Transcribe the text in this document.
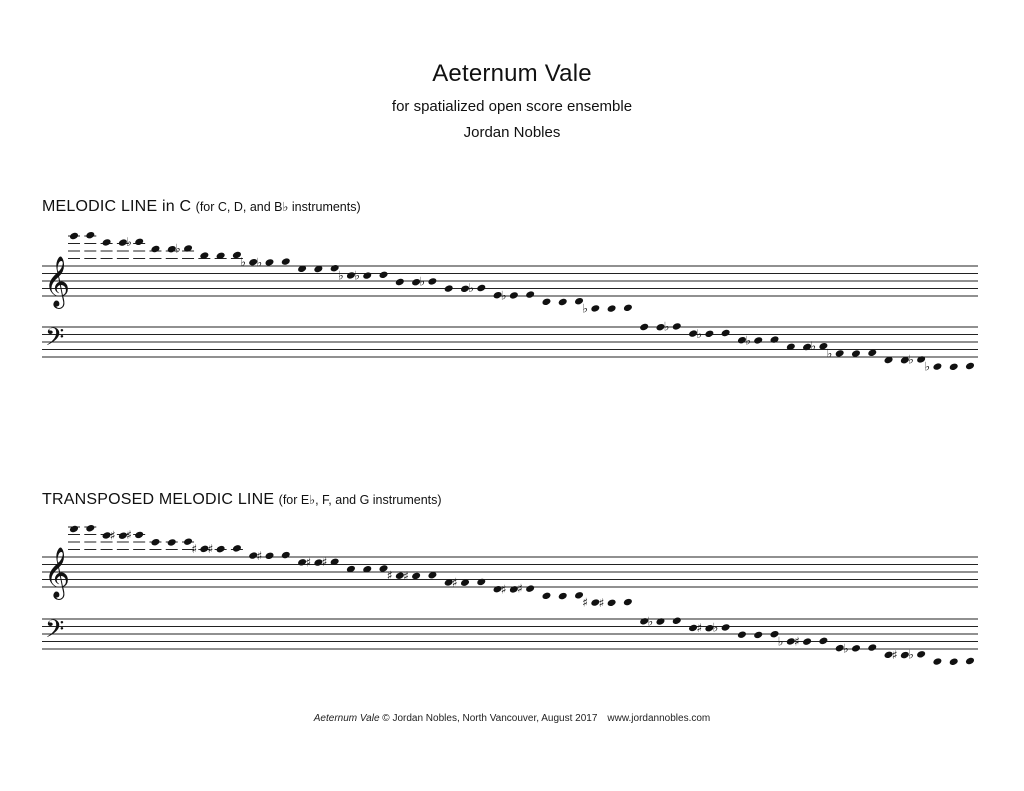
Aeternum Vale
for spatialized open score ensemble
Jordan Nobles
MELODIC LINE in C (for C, D, and B♭ instruments)
TRANSPOSED MELODIC LINE (for E♭, F, and G instruments)
𝄞
𝄢
♭	♭
♭ ♭
♭ ♭	♭	♭
♭
♭
♭
♭	♭	♭
♭	♭
♭
𝄞
𝄢
♯ ♯
♯ ♯	♯	♯ ♯
♯ ♯	♯	♯ ♯
♯ ♯
♭	♯ ♭
♭ ♯	♭	♯ ♭
Aeternum Vale © Jordan Nobles, North Vancouver, August 2017 www.jordannobles.com
